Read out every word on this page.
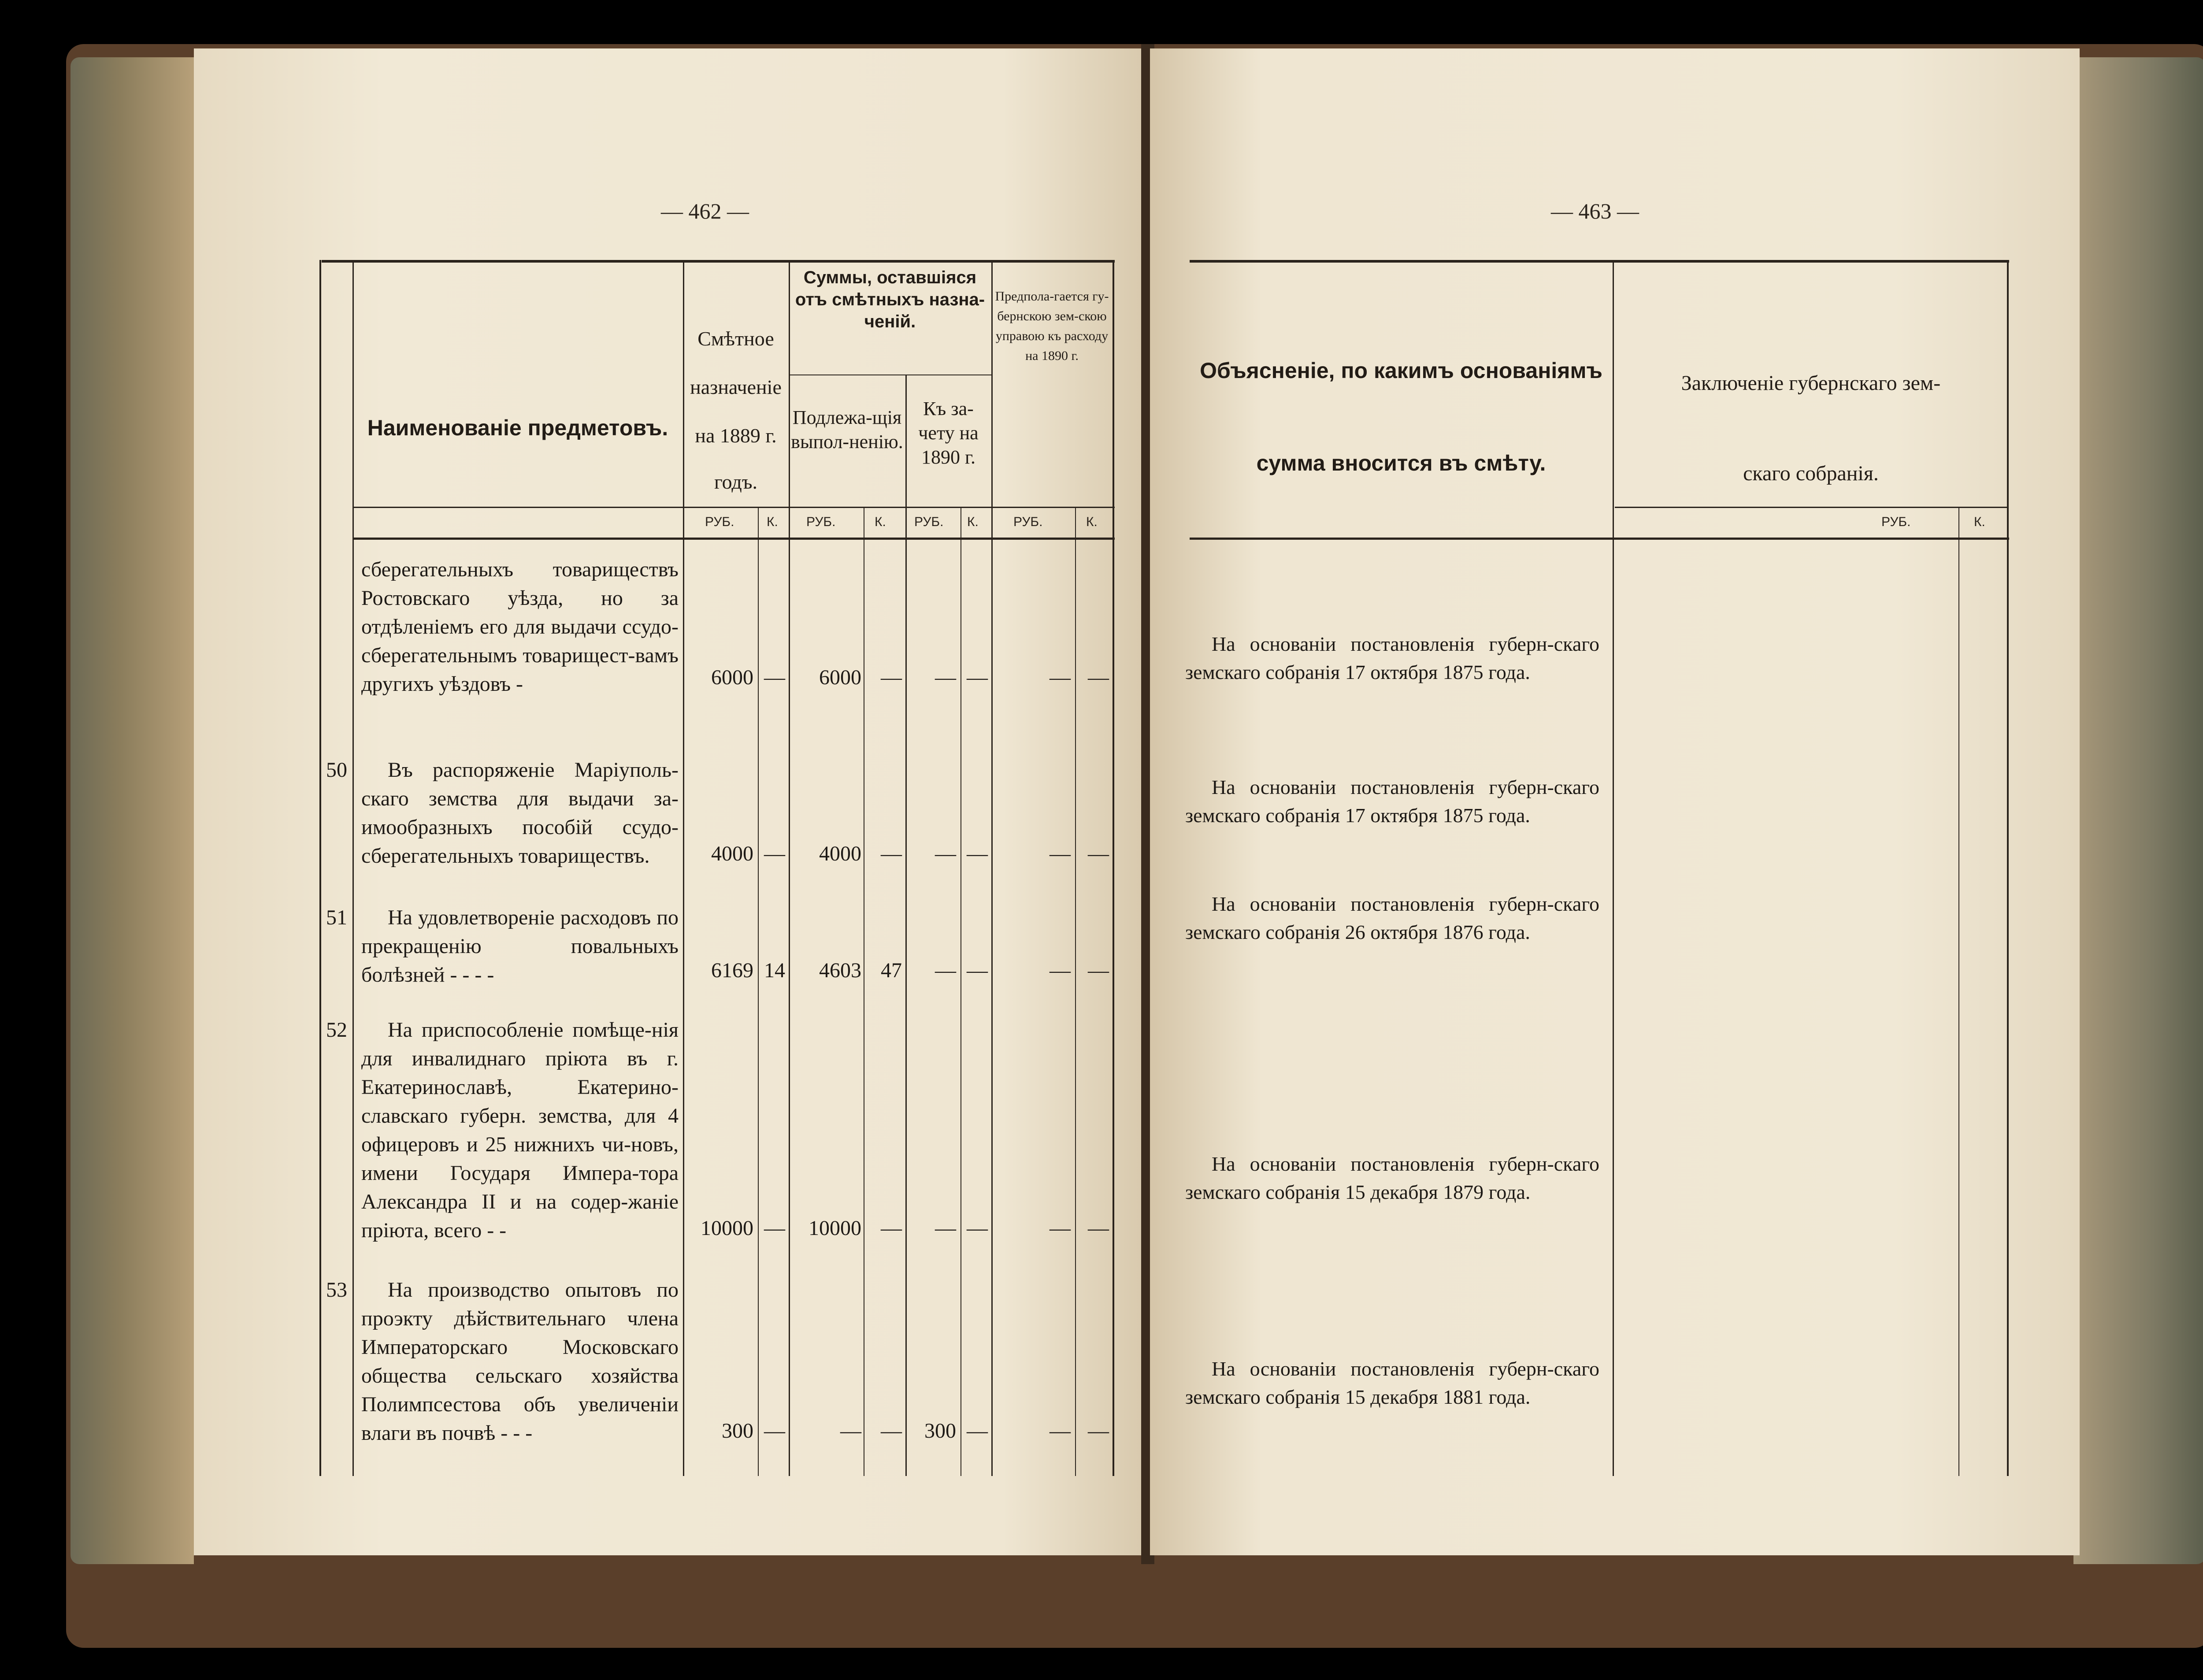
— 462 —
Наименованіе предметовъ.
Смѣтное
назначеніе
на 1889 г.
годъ.
Суммы, оставшіяся отъ смѣтныхъ назна-ченій.
Подлежа-щія выпол-ненію.
Къ за-чету на 1890 г.
Предпола-гается гу-бернскою зем-скою управою къ расходу на 1890 г.
РУБ. К. РУБ.	К. РУБ. К.	РУБ.	К.
сберегательныхъ товариществъ Ростовскаго уѣзда, но за отдѣленіемъ его для выдачи ссудо-сберегательнымъ товарищест-вамъ другихъ уѣздовъ -	6000 —	6000 —	— —	— —
50	Въ распоряженіе Маріуполь-скаго земства для выдачи за-имообразныхъ пособій ссудо-сберегательныхъ товариществъ.	4000 —	4000 —	— —	— —
51	На удовлетвореніе расходовъ по прекращенію повальныхъ болѣзней - - - -	6169 14	4603 47	— —	— —
52	На приспособленіе помѣще-нія для инвалиднаго пріюта въ г. Екатеринославѣ, Екатерино-славскаго губерн. земства, для 4 офицеровъ и 25 нижнихъ чи-новъ, имени Государя Импера-тора Александра II и на содер-жаніе пріюта, всего - -	10000 —	10000 —	— —	— —
53	На производство опытовъ по проэкту дѣйствительнаго члена Императорскаго Московскаго общества сельскаго хозяйства Полимпсестова объ увеличеніи влаги въ почвѣ - - -	300 —	— —	300 —	— —
— 463 —
Объясненіе, по какимъ основаніямъ
сумма вносится въ смѣту.
Заключеніе губернскаго зем-
скаго собранія.
РУБ.	К.
На основаніи постановленія губерн-скаго земскаго собранія 17 октября 1875 года.
На основаніи постановленія губерн-скаго земскаго собранія 17 октября 1875 года.
На основаніи постановленія губерн-скаго земскаго собранія 26 октября 1876 года.
На основаніи постановленія губерн-скаго земскаго собранія 15 декабря 1879 года.
На основаніи постановленія губерн-скаго земскаго собранія 15 декабря 1881 года.
